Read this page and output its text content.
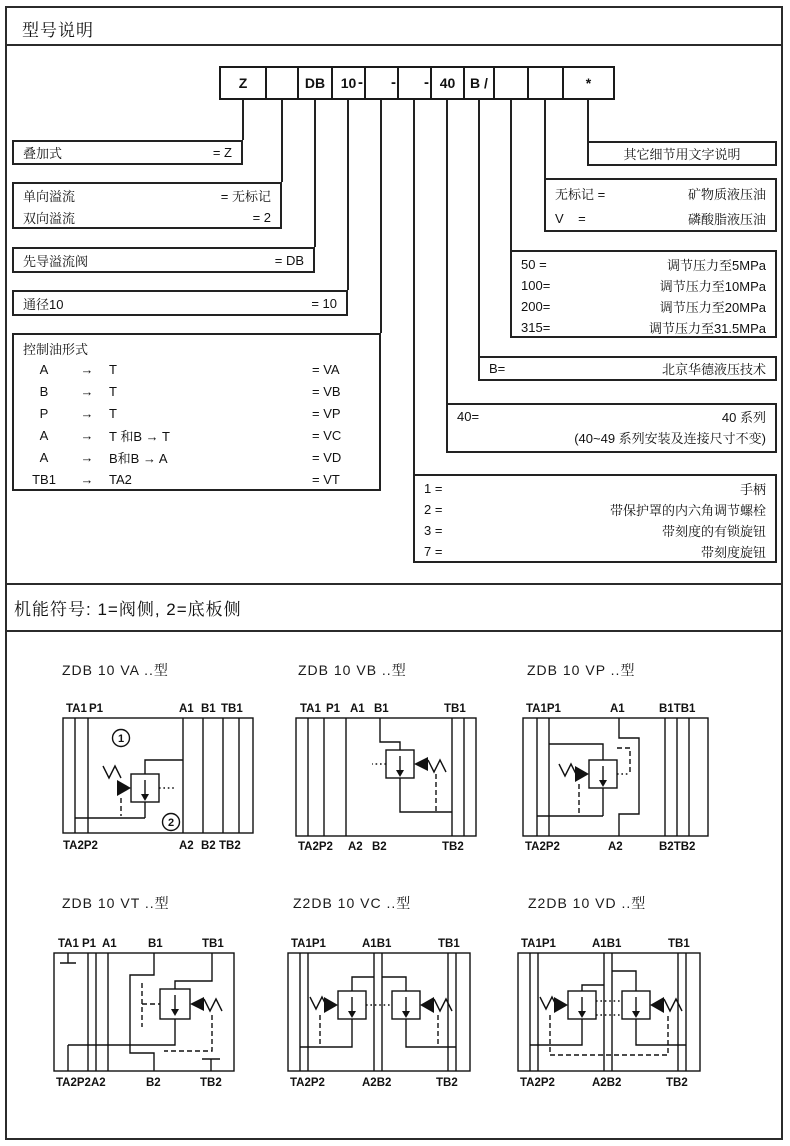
型号说明
Z	DB	10	40	B /	*
- - -
叠加式	= Z
单向溢流	= 无标记
双向溢流	= 2
先导溢流阀	= DB
通径10	= 10
控制油形式
A	→	T	= VA
B	→	T	= VB
P	→	T	= VP
A	→	T 和B → T	= VC
A	→	B和B → A	= VD
TB1	→	TA2	= VT
其它细节用文字说明
无标记 =	矿物质液压油
V    =	磷酸脂液压油
50 =	调节压力至5MPa
100=	调节压力至10MPa
200=	调节压力至20MPa
315=	调节压力至31.5MPa
B=	北京华德液压技术
40=	40 系列
(40~49 系列安装及连接尺寸不变)
1 =	手柄
2 =	带保护罩的内六角调节螺栓
3 =	带刻度的有锁旋钮
7 =	带刻度旋钮
机能符号: 1=阀侧, 2=底板侧
ZDB 10 VA ..型	ZDB 10 VB ..型	ZDB 10 VP ..型
ZDB 10 VT ..型	Z2DB 10 VC ..型	Z2DB 10 VD ..型
TA1 P1	A1 B1 TB1
1
2
TA2P2	A2 B2 TB2
TA1 P1 A1 B1	TB1
TA2P2 A2 B2	TB2
TA1P1	A1	B1TB1
TA2P2	A2	B2TB2
TA1 P1 A1	B1	TB1
TA2P2A2	B2	TB2
TA1P1	A1B1	TB1
TA2P2	A2B2	TB2
TA1P1	A1B1	TB1
TA2P2	A2B2	TB2
